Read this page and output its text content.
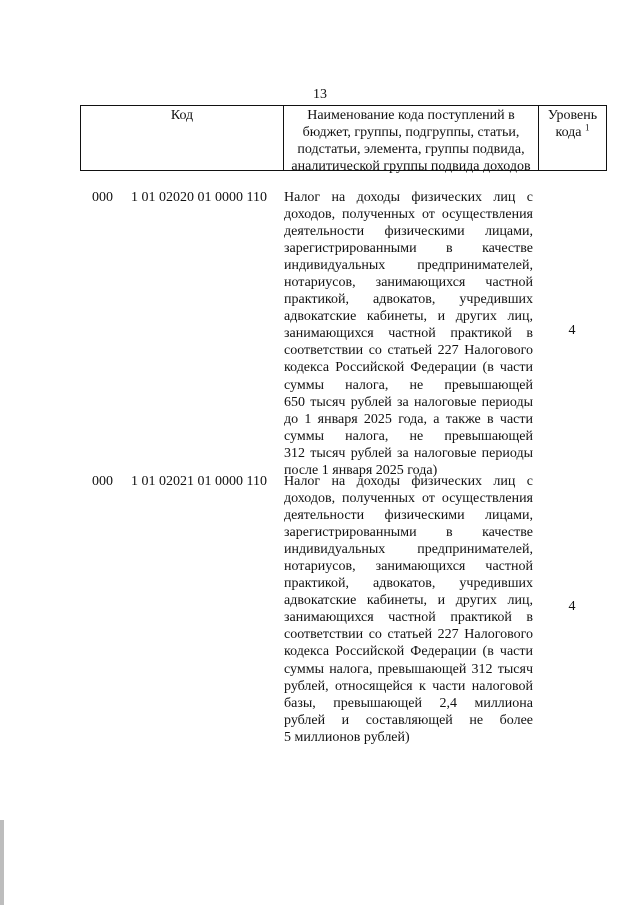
13
Код	Наименование кода поступлений в
бюджет, группы, подгруппы, статьи,
подстатьи, элемента, группы подвида,
аналитической группы подвида доходов
Уровень
кода $^1$
000 1 01 02020 01 0000 110 Налог на доходы физических лиц с
доходов, полученных от осуществления
деятельности физическими лицами,
зарегистрированными в качестве
индивидуальных предпринимателей,
нотариусов, занимающихся частной
практикой, адвокатов, учредивших
адвокатские кабинеты, и других лиц,
занимающихся частной практикой в
соответствии со статьей 227 Налогового
кодекса Российской Федерации (в части
суммы налога, не превышающей
650 тысяч рублей за налоговые периоды
до 1 января 2025 года, а также в части
суммы налога, не превышающей
312 тысяч рублей за налоговые периоды
после 1 января 2025 года)
4
000 1 01 02021 01 0000 110 Налог на доходы физических лиц с
доходов, полученных от осуществления
деятельности физическими лицами,
зарегистрированными в качестве
индивидуальных предпринимателей,
нотариусов, занимающихся частной
практикой, адвокатов, учредивших
адвокатские кабинеты, и других лиц,
занимающихся частной практикой в
соответствии со статьей 227 Налогового
кодекса Российской Федерации (в части
суммы налога, превышающей 312 тысяч
рублей, относящейся к части налоговой
базы, превышающей 2,4 миллиона
рублей и составляющей не более
5 миллионов рублей)
4
